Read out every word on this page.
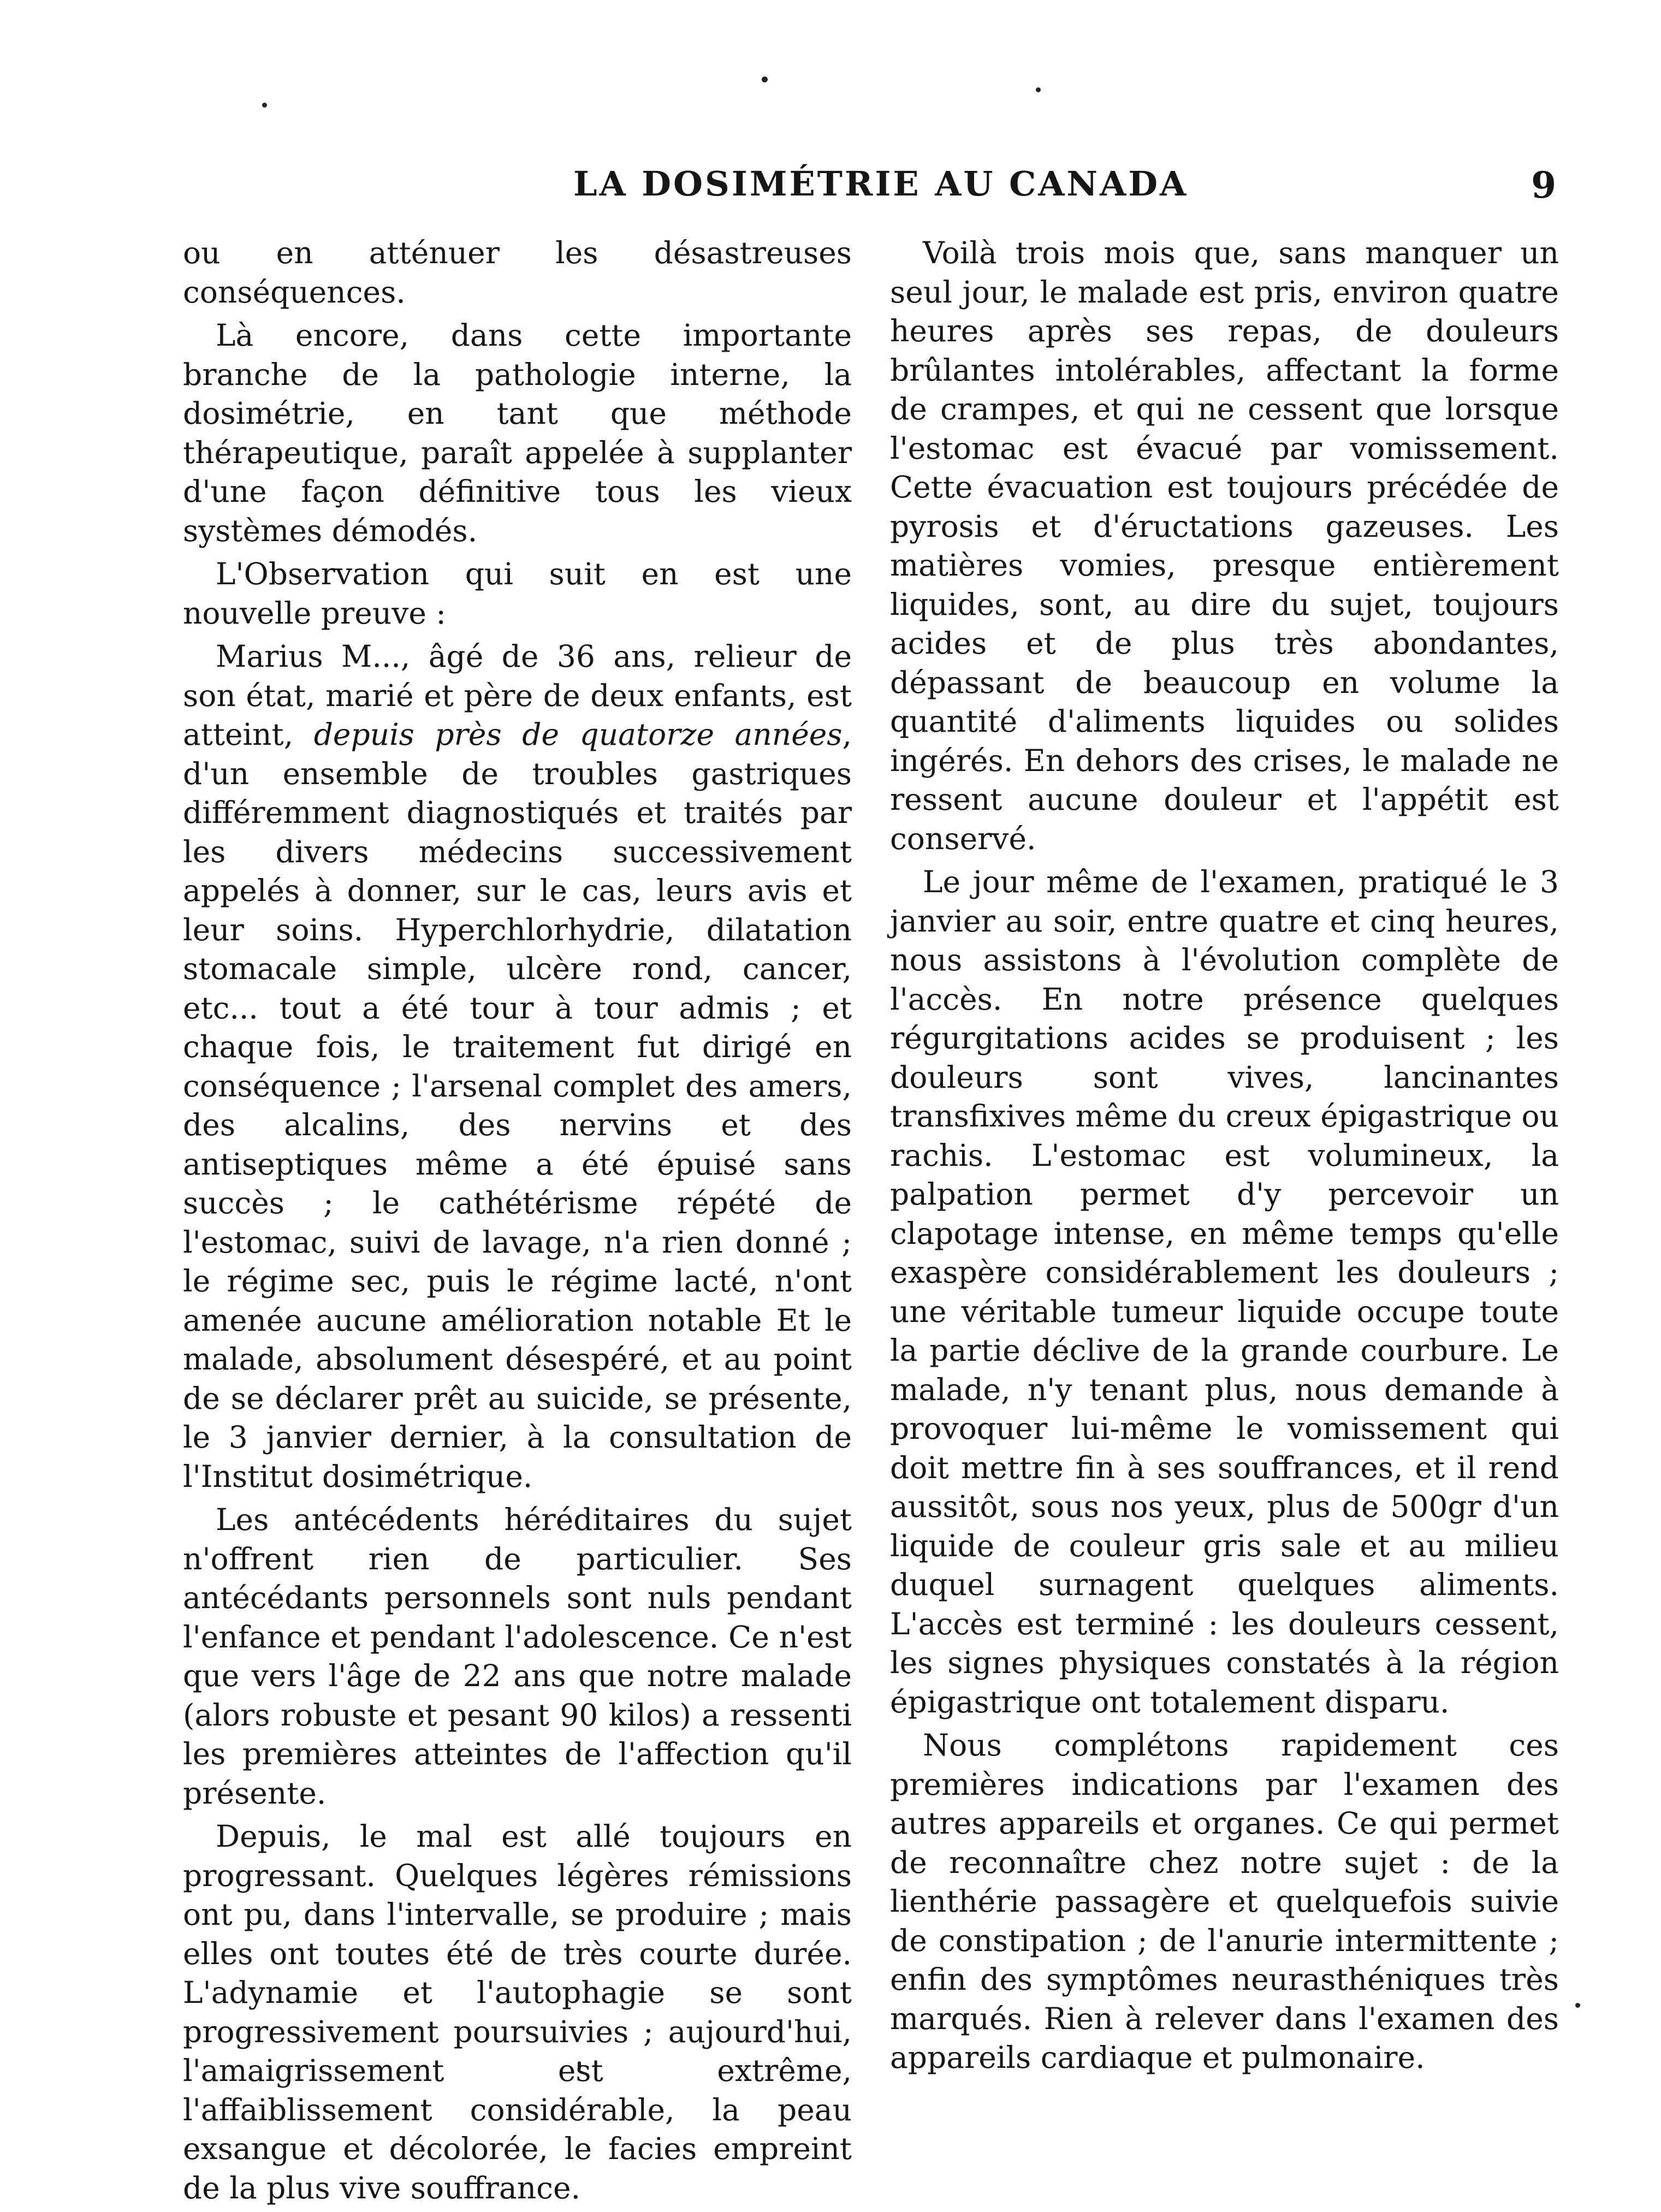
LA DOSIMÉTRIE AU CANADA	9

ou en atténuer les désastreuses conséquences.

Là encore, dans cette importante branche de la pathologie interne, la dosimétrie, en tant que méthode thérapeutique, paraît appelée à supplanter d'une façon définitive tous les vieux systèmes démodés.

L'Observation qui suit en est une nouvelle preuve :

Marius M..., âgé de 36 ans, relieur de son état, marié et père de deux enfants, est atteint, depuis près de quatorze années, d'un ensemble de troubles gastriques différemment diagnostiqués et traités par les divers médecins successivement appelés à donner, sur le cas, leurs avis et leur soins. Hyperchlorhydrie, dilatation stomacale simple, ulcère rond, cancer, etc... tout a été tour à tour admis ; et chaque fois, le traitement fut dirigé en conséquence ; l'arsenal complet des amers, des alcalins, des nervins et des antiseptiques même a été épuisé sans succès ; le cathétérisme répété de l'estomac, suivi de lavage, n'a rien donné ; le régime sec, puis le régime lacté, n'ont amenée aucune amélioration notable Et le malade, absolument désespéré, et au point de se déclarer prêt au suicide, se présente, le 3 janvier dernier, à la consultation de l'Institut dosimétrique.

Les antécédents héréditaires du sujet n'offrent rien de particulier. Ses antécédants personnels sont nuls pendant l'enfance et pendant l'adolescence. Ce n'est que vers l'âge de 22 ans que notre malade (alors robuste et pesant 90 kilos) a ressenti les premières atteintes de l'affection qu'il présente.

Depuis, le mal est allé toujours en progressant. Quelques légères rémissions ont pu, dans l'intervalle, se produire ; mais elles ont toutes été de très courte durée. L'adynamie et l'autophagie se sont progressivement poursuivies ; aujourd'hui, l'amaigrissement est extrême, l'affaiblissement considérable, la peau exsangue et décolorée, le facies empreint de la plus vive souffrance.

Voilà trois mois que, sans manquer un seul jour, le malade est pris, environ quatre heures après ses repas, de douleurs brûlantes intolérables, affectant la forme de crampes, et qui ne cessent que lorsque l'estomac est évacué par vomissement. Cette évacuation est toujours précédée de pyrosis et d'éructations gazeuses. Les matières vomies, presque entièrement liquides, sont, au dire du sujet, toujours acides et de plus très abondantes, dépassant de beaucoup en volume la quantité d'aliments liquides ou solides ingérés. En dehors des crises, le malade ne ressent aucune douleur et l'appétit est conservé.

Le jour même de l'examen, pratiqué le 3 janvier au soir, entre quatre et cinq heures, nous assistons à l'évolution complète de l'accès. En notre présence quelques régurgitations acides se produisent ; les douleurs sont vives, lancinantes transfixives même du creux épigastrique ou rachis. L'estomac est volumineux, la palpation permet d'y percevoir un clapotage intense, en même temps qu'elle exaspère considérablement les douleurs ; une véritable tumeur liquide occupe toute la partie déclive de la grande courbure. Le malade, n'y tenant plus, nous demande à provoquer lui-même le vomissement qui doit mettre fin à ses souffrances, et il rend aussitôt, sous nos yeux, plus de 500gr d'un liquide de couleur gris sale et au milieu duquel surnagent quelques aliments. L'accès est terminé : les douleurs cessent, les signes physiques constatés à la région épigastrique ont totalement disparu.

Nous complétons rapidement ces premières indications par l'examen des autres appareils et organes. Ce qui permet de reconnaître chez notre sujet : de la lienthérie passagère et quelquefois suivie de constipation ; de l'anurie intermittente ; enfin des symptômes neurasthéniques très marqués. Rien à relever dans l'examen des appareils cardiaque et pulmonaire.
